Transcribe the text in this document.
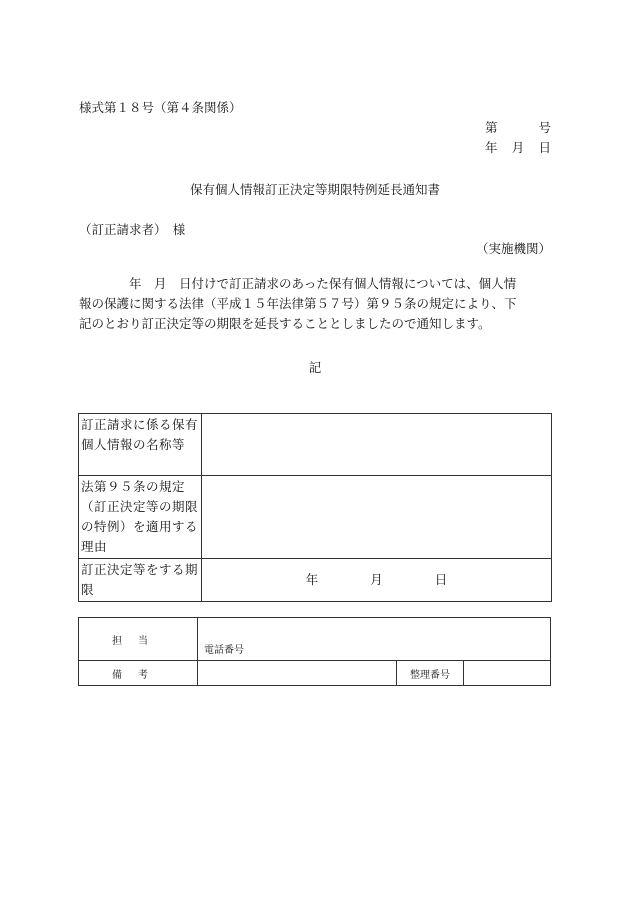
様式第１８号（第４条関係）
第	号
年 月 日
保有個人情報訂正決定等期限特例延長通知書
（訂正請求者）　様
（実施機関）
　　　　年　月　日付けで訂正請求のあった保有個人情報については、個人情
報の保護に関する法律（平成１５年法律第５７号）第９５条の規定により、下
記のとおり訂正決定等の期限を延長することとしましたので通知します。
記
訂正請求に係る保有個人情報の名称等	
法第９５条の規定（訂正決定等の期限の特例）を適用する理由	
訂正決定等をする期限	年 月 日
担当	電話番号		

備考		整理番号	
